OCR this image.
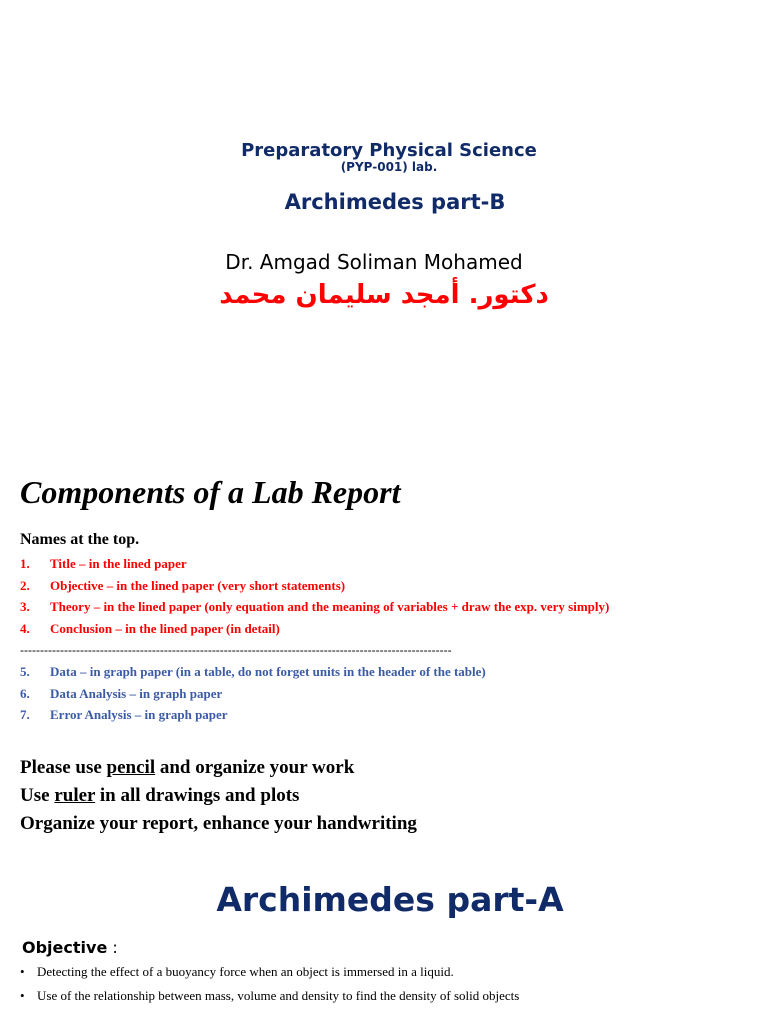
Preparatory Physical Science
(PYP-001) lab.
Archimedes part-B
Dr. Amgad Soliman Mohamed
دكتور. أمجد سليمان محمد
Components of a Lab Report
Names at the top.
1.	Title – in the lined paper
2.	Objective – in the lined paper (very short statements)
3.	Theory – in the lined paper (only equation and the meaning of variables + draw the exp. very simply)
4.	Conclusion – in the lined paper (in detail)
------------------------------------------------------------------------------------------------------------
5.	Data – in graph paper (in a table, do not forget units in the header of the table)
6.	Data Analysis – in graph paper
7.	Error Analysis – in graph paper
Please use pencil and organize your work
Use ruler in all drawings and plots
Organize your report, enhance your handwriting
Archimedes part-A
Objective :
• Detecting the effect of a buoyancy force when an object is immersed in a liquid.
• Use of the relationship between mass, volume and density to find the density of solid objects
